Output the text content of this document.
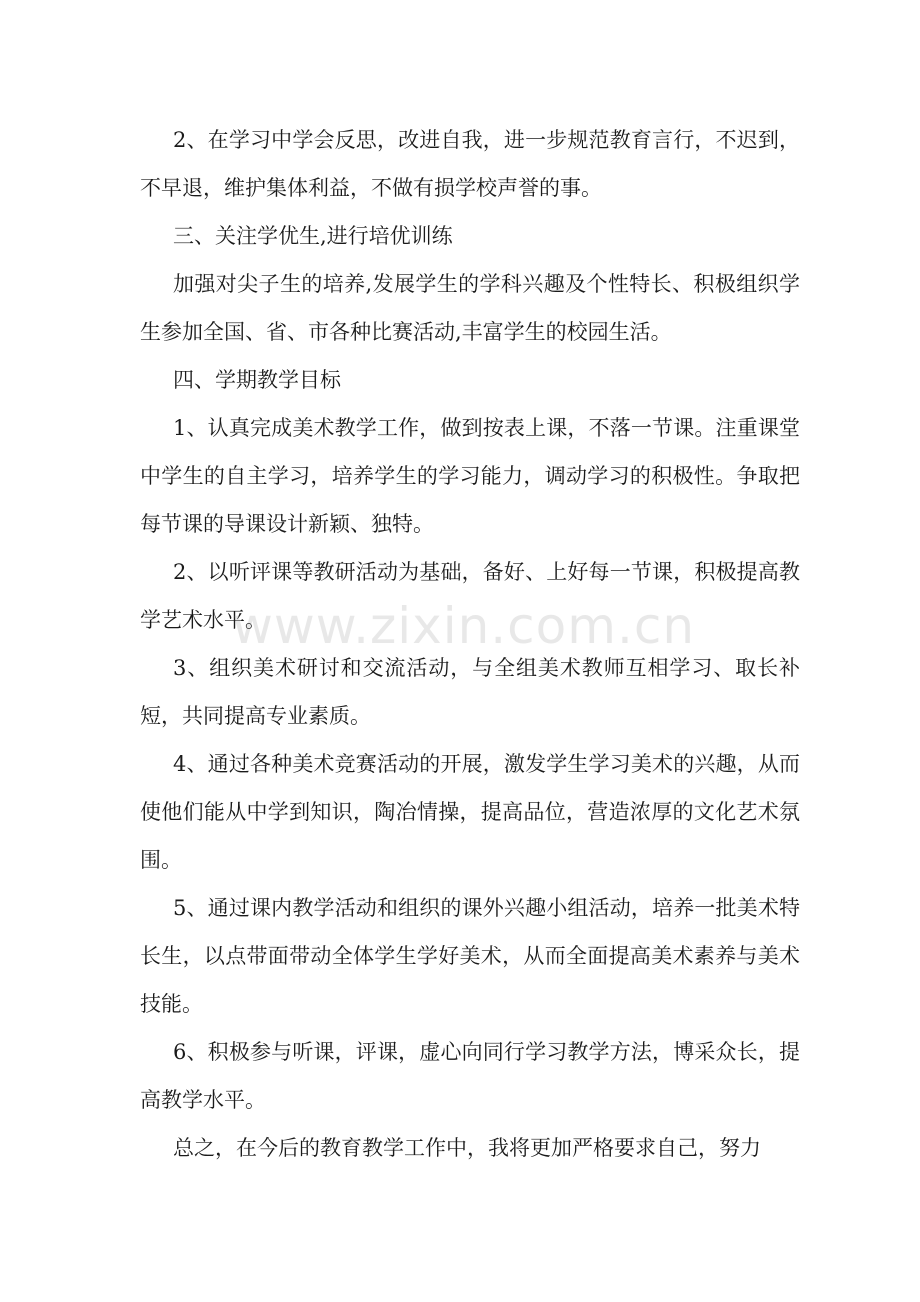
2、在学习中学会反思，改进自我，进一步规范教育言行，不迟到，不早退，维护集体利益，不做有损学校声誉的事。

三、关注学优生,进行培优训练

加强对尖子生的培养,发展学生的学科兴趣及个性特长、积极组织学生参加全国、省、市各种比赛活动,丰富学生的校园生活。

四、学期教学目标

1、认真完成美术教学工作，做到按表上课，不落一节课。注重课堂中学生的自主学习，培养学生的学习能力，调动学习的积极性。争取把每节课的导课设计新颖、独特。

2、以听评课等教研活动为基础，备好、上好每一节课，积极提高教学艺术水平。

3、组织美术研讨和交流活动，与全组美术教师互相学习、取长补短，共同提高专业素质。

4、通过各种美术竞赛活动的开展，激发学生学习美术的兴趣，从而使他们能从中学到知识，陶冶情操，提高品位，营造浓厚的文化艺术氛围。

5、通过课内教学活动和组织的课外兴趣小组活动，培养一批美术特长生，以点带面带动全体学生学好美术，从而全面提高美术素养与美术技能。

6、积极参与听课，评课，虚心向同行学习教学方法，博采众长，提高教学水平。

总之，在今后的教育教学工作中，我将更加严格要求自己，努力

www.zixin.com.cn
